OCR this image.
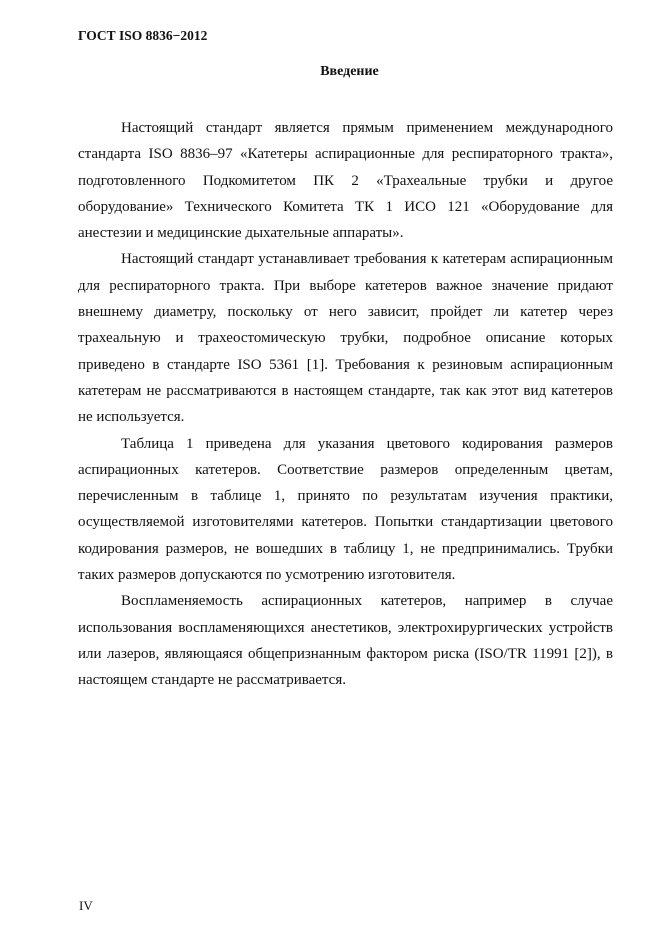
ГОСТ ISO 8836−2012
Введение

Настоящий стандарт является прямым применением международного стандарта ISO 8836–97 «Катетеры аспирационные для респираторного тракта», подготовленного Подкомитетом ПК 2 «Трахеальные трубки и другое оборудование» Технического Комитета ТК 1 ИСО 121 «Оборудование для анестезии и медицинские дыхательные аппараты».

Настоящий стандарт устанавливает требования к катетерам аспирационным для респираторного тракта. При выборе катетеров важное значение придают внешнему диаметру, поскольку от него зависит, пройдет ли катетер через трахеальную и трахеостомическую трубки, подробное описание которых приведено в стандарте ISO 5361 [1]. Требования к резиновым аспирационным катетерам не рассматриваются в настоящем стандарте, так как этот вид катетеров не используется.

Таблица 1 приведена для указания цветового кодирования размеров аспирационных катетеров. Соответствие размеров определенным цветам, перечисленным в таблице 1, принято по результатам изучения практики, осуществляемой изготовителями катетеров. Попытки стандартизации цветового кодирования размеров, не вошедших в таблицу 1, не предпринимались. Трубки таких размеров допускаются по усмотрению изготовителя.

Воспламеняемость аспирационных катетеров, например в случае использования воспламеняющихся анестетиков, электрохирургических устройств или лазеров, являющаяся общепризнанным фактором риска (ISO/TR 11991 [2]), в настоящем стандарте не рассматривается.

IV
